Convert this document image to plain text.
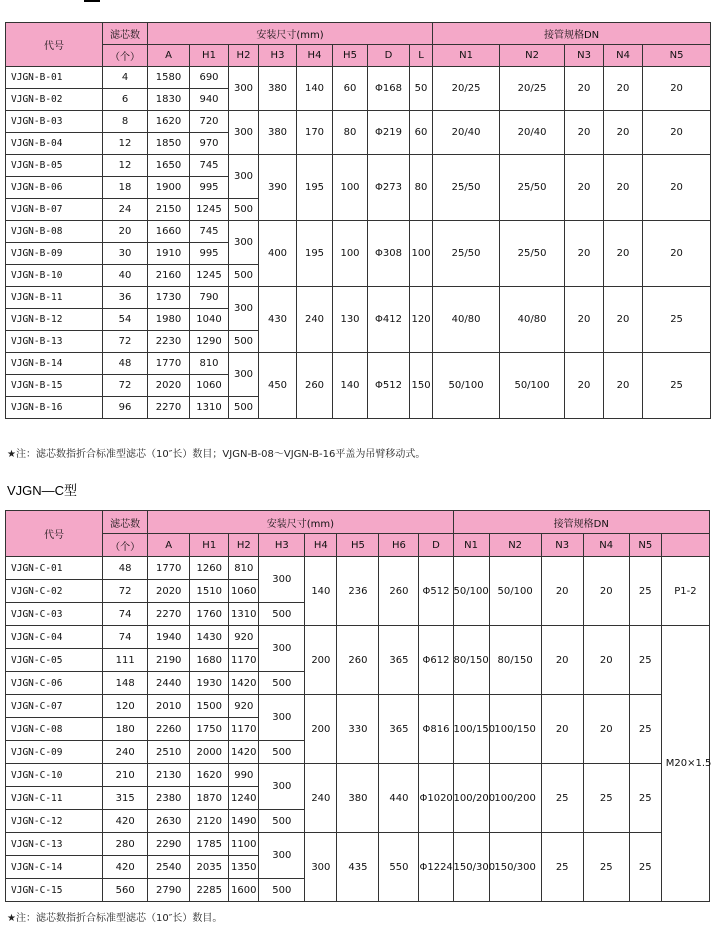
代号	滤芯数	安装尺寸(mm)								接管规格DN				
	（个）	A	H1	H2	H3	H4	H5	D	L	N1	N2	N3	N4	N5
VJGN-B-01	4	1580	690	300	380	140	60	Φ168	50	20/25	20/25	20	20	20
VJGN-B-02	6	1830	940											
VJGN-B-03	8	1620	720	300	380	170	80	Φ219	60	20/40	20/40	20	20	20
VJGN-B-04	12	1850	970											
VJGN-B-05	12	1650	745	300	390	195	100	Φ273	80	25/50	25/50	20	20	20
VJGN-B-06	18	1900	995											
VJGN-B-07	24	2150	1245	500										
VJGN-B-08	20	1660	745	300	400	195	100	Φ308	100	25/50	25/50	20	20	20
VJGN-B-09	30	1910	995											
VJGN-B-10	40	2160	1245	500										
VJGN-B-11	36	1730	790	300	430	240	130	Φ412	120	40/80	40/80	20	20	25
VJGN-B-12	54	1980	1040											
VJGN-B-13	72	2230	1290	500										
VJGN-B-14	48	1770	810	300	450	260	140	Φ512	150	50/100	50/100	20	20	25
VJGN-B-15	72	2020	1060											
VJGN-B-16	96	2270	1310	500										
★注：滤芯数指折合标准型滤芯（10″长）数目；VJGN-B-08～VJGN-B-16平盖为吊臂移动式。
VJGN—C型
代号	滤芯数	安装尺寸(mm)								接管规格DN					
	（个）	A	H1	H2	H3	H4	H5	H6	D	N1	N2	N3	N4	N5	
VJGN-C-01	48	1770	1260	810	300	140	236	260	Φ512	50/100	50/100	20	20	25	P1-2
VJGN-C-02	72	2020	1510	1060											
VJGN-C-03	74	2270	1760	1310	500										
VJGN-C-04	74	1940	1430	920	300	200	260	365	Φ612	80/150	80/150	20	20	25	M20×1.5
VJGN-C-05	111	2190	1680	1170											
VJGN-C-06	148	2440	1930	1420	500										
VJGN-C-07	120	2010	1500	920	300	200	330	365	Φ816	100/150	100/150	20	20	25	
VJGN-C-08	180	2260	1750	1170											
VJGN-C-09	240	2510	2000	1420	500										
VJGN-C-10	210	2130	1620	990	300	240	380	440	Φ1020	100/200	100/200	25	25	25	
VJGN-C-11	315	2380	1870	1240											
VJGN-C-12	420	2630	2120	1490	500										
VJGN-C-13	280	2290	1785	1100	300	300	435	550	Φ1224	150/300	150/300	25	25	25	
VJGN-C-14	420	2540	2035	1350											
VJGN-C-15	560	2790	2285	1600	500										
★注：滤芯数指折合标准型滤芯（10″长）数目。
